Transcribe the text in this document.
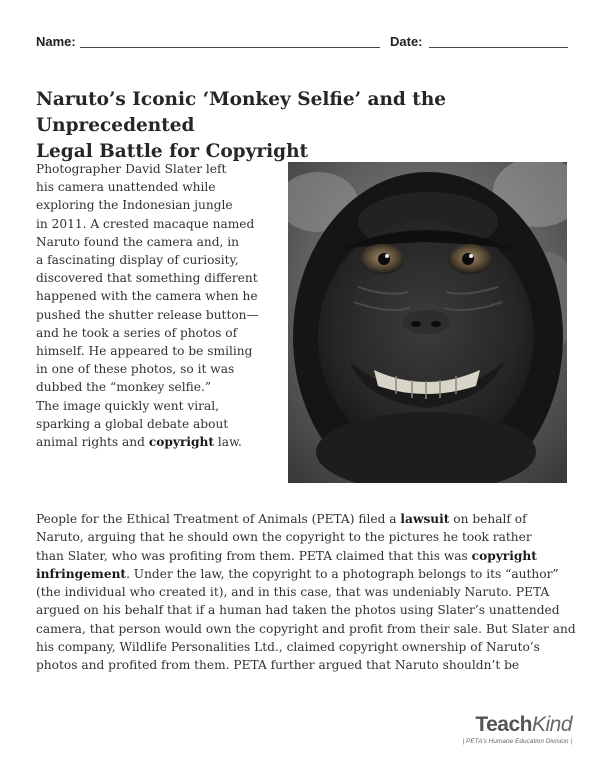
Name:	Date:
Naruto’s Iconic ‘Monkey Selfie’ and the Unprecedented
Legal Battle for Copyright
Photographer David Slater left
his camera unattended while
exploring the Indonesian jungle
in 2011. A crested macaque named
Naruto found the camera and, in
a fascinating display of curiosity,
discovered that something different
happened with the camera when he
pushed the shutter release button—
and he took a series of photos of
himself. He appeared to be smiling
in one of these photos, so it was
dubbed the “monkey selfie.”
The image quickly went viral,
sparking a global debate about
animal rights and copyright law.
People for the Ethical Treatment of Animals (PETA) filed a lawsuit on behalf of
Naruto, arguing that he should own the copyright to the pictures he took rather
than Slater, who was profiting from them. PETA claimed that this was copyright
infringement. Under the law, the copyright to a photograph belongs to its “author”
(the individual who created it), and in this case, that was undeniably Naruto. PETA
argued on his behalf that if a human had taken the photos using Slater’s unattended
camera, that person would own the copyright and profit from their sale. But Slater and
his company, Wildlife Personalities Ltd., claimed copyright ownership of Naruto’s
photos and profited from them. PETA further argued that Naruto shouldn’t be
TeachKind
| PETA’s Humane Education Division |
